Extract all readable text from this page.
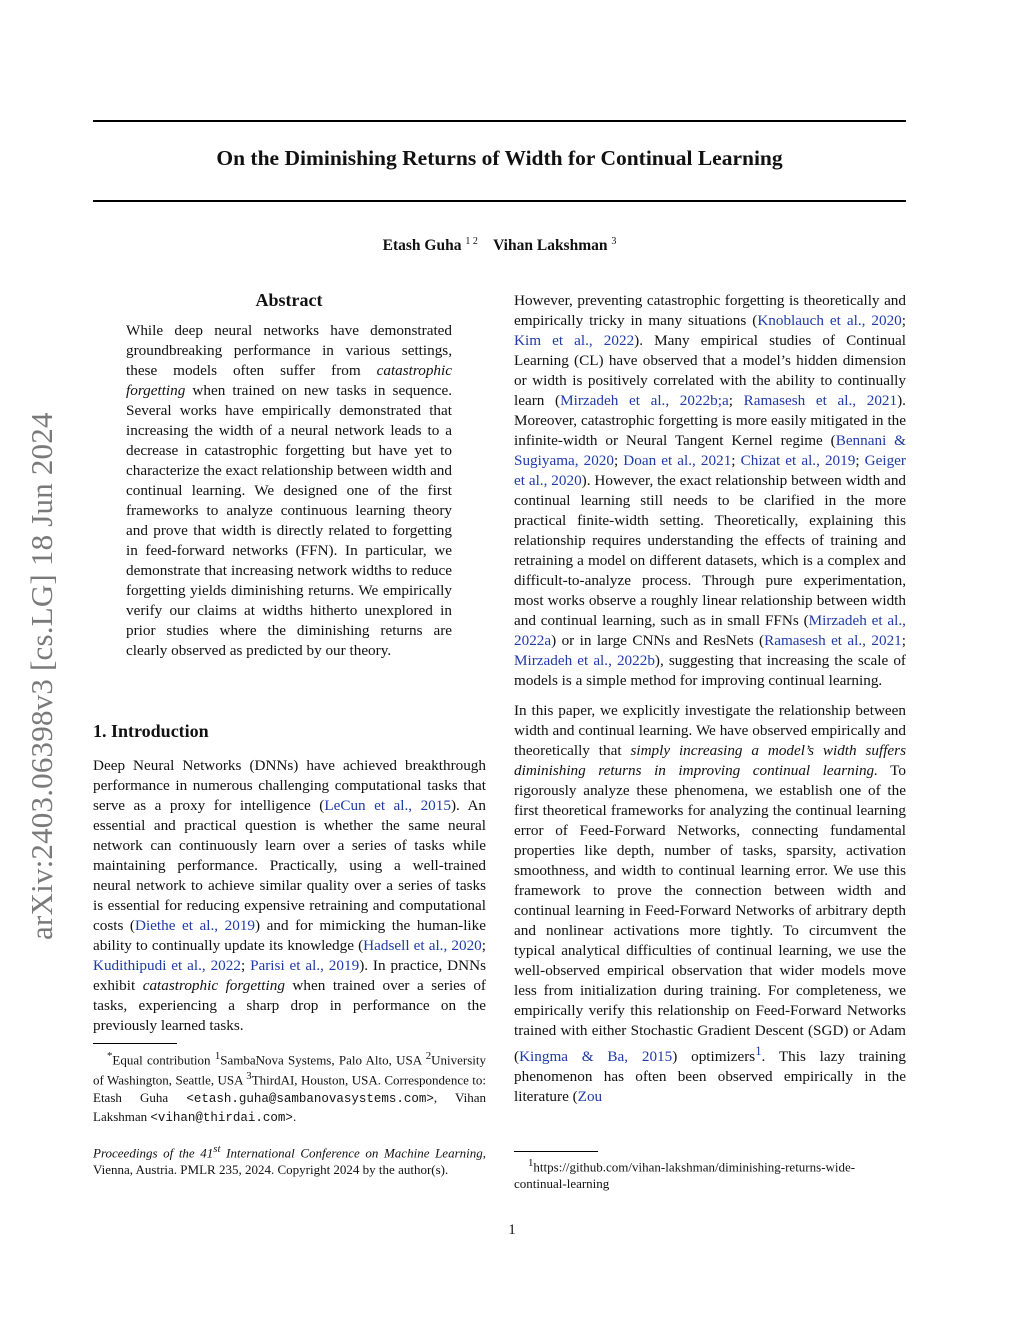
arXiv:2403.06398v3 [cs.LG] 18 Jun 2024
On the Diminishing Returns of Width for Continual Learning
Etash Guha $^{1 2}$ Vihan Lakshman $^3$
Abstract

While deep neural networks have demonstrated groundbreaking performance in various settings, these models often suffer from catastrophic forgetting when trained on new tasks in sequence. Several works have empirically demonstrated that increasing the width of a neural network leads to a decrease in catastrophic forgetting but have yet to characterize the exact relationship between width and continual learning. We designed one of the first frameworks to analyze continuous learning theory and prove that width is directly related to forgetting in feed-forward networks (FFN). In particular, we demonstrate that increasing network widths to reduce forgetting yields diminishing returns. We empirically verify our claims at widths hitherto unexplored in prior studies where the diminishing returns are clearly observed as predicted by our theory.

1. Introduction

Deep Neural Networks (DNNs) have achieved breakthrough performance in numerous challenging computational tasks that serve as a proxy for intelligence (LeCun et al., 2015). An essential and practical question is whether the same neural network can continuously learn over a series of tasks while maintaining performance. Practically, using a well-trained neural network to achieve similar quality over a series of tasks is essential for reducing expensive retraining and computational costs (Diethe et al., 2019) and for mimicking the human-like ability to continually update its knowledge (Hadsell et al., 2020; Kudithipudi et al., 2022; Parisi et al., 2019). In practice, DNNs exhibit catastrophic forgetting when trained over a series of tasks, experiencing a sharp drop in performance on the previously learned tasks.

*Equal contribution $^1$SambaNova Systems, Palo Alto, USA $^2$University of Washington, Seattle, USA $^3$ThirdAI, Houston, USA. Correspondence to: Etash Guha <etash.guha@sambanovasystems.com>, Vihan Lakshman <vihan@thirdai.com>.

Proceedings of the 41st International Conference on Machine Learning, Vienna, Austria. PMLR 235, 2024. Copyright 2024 by the author(s).

However, preventing catastrophic forgetting is theoretically and empirically tricky in many situations (Knoblauch et al., 2020; Kim et al., 2022). Many empirical studies of Continual Learning (CL) have observed that a model’s hidden dimension or width is positively correlated with the ability to continually learn (Mirzadeh et al., 2022b;a; Ramasesh et al., 2021). Moreover, catastrophic forgetting is more easily mitigated in the infinite-width or Neural Tangent Kernel regime (Bennani & Sugiyama, 2020; Doan et al., 2021; Chizat et al., 2019; Geiger et al., 2020). However, the exact relationship between width and continual learning still needs to be clarified in the more practical finite-width setting. Theoretically, explaining this relationship requires understanding the effects of training and retraining a model on different datasets, which is a complex and difficult-to-analyze process. Through pure experimentation, most works observe a roughly linear relationship between width and continual learning, such as in small FFNs (Mirzadeh et al., 2022a) or in large CNNs and ResNets (Ramasesh et al., 2021; Mirzadeh et al., 2022b), suggesting that increasing the scale of models is a simple method for improving continual learning.

In this paper, we explicitly investigate the relationship between width and continual learning. We have observed empirically and theoretically that simply increasing a model’s width suffers diminishing returns in improving continual learning. To rigorously analyze these phenomena, we establish one of the first theoretical frameworks for analyzing the continual learning error of Feed-Forward Networks, connecting fundamental properties like depth, number of tasks, sparsity, activation smoothness, and width to continual learning error. We use this framework to prove the connection between width and continual learning in Feed-Forward Networks of arbitrary depth and nonlinear activations more tightly. To circumvent the typical analytical difficulties of continual learning, we use the well-observed empirical observation that wider models move less from initialization during training. For completeness, we empirically verify this relationship on Feed-Forward Networks trained with either Stochastic Gradient Descent (SGD) or Adam (Kingma & Ba, 2015) optimizers$^1$. This lazy training phenomenon has often been observed empirically in the literature (Zou

$^1$https://github.com/vihan-lakshman/diminishing-returns-wide-continual-learning

1
